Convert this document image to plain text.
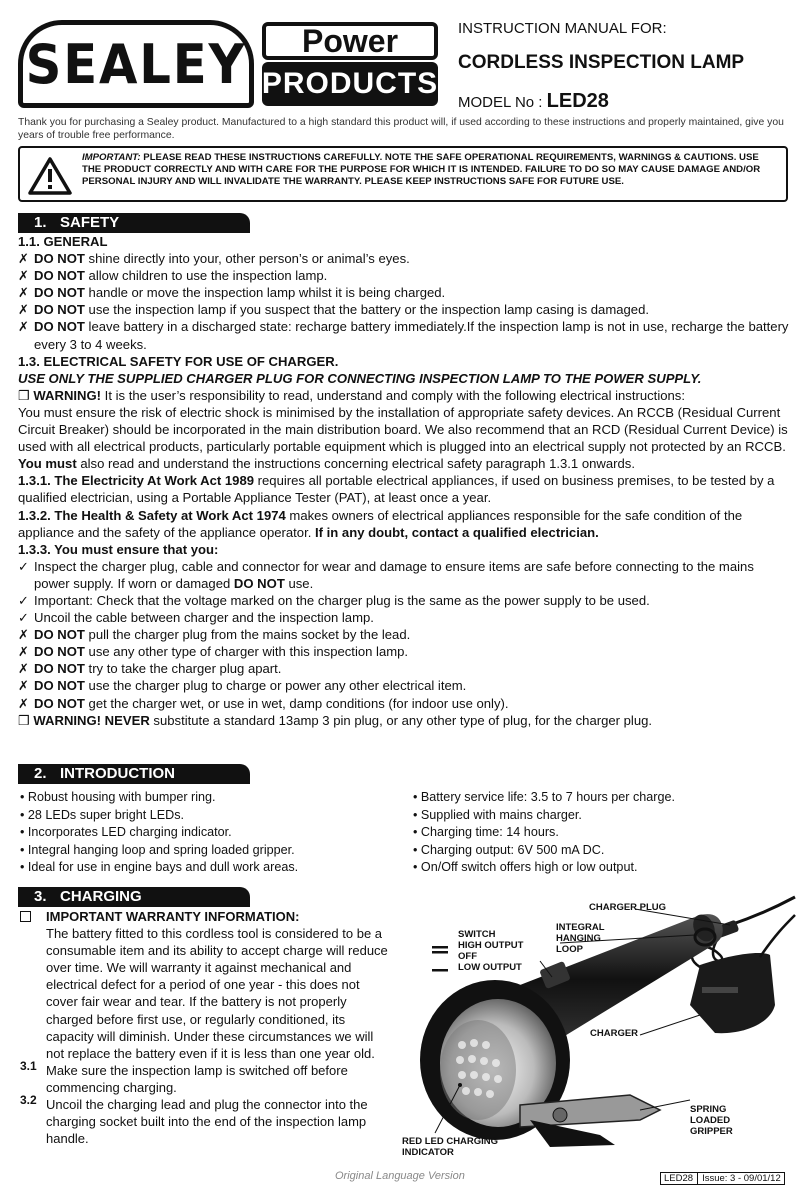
SEALEY	Power
PRODUCTS
INSTRUCTION MANUAL FOR:
CORDLESS INSPECTION LAMP
MODEL No : LED28
Thank you for purchasing a Sealey product. Manufactured to a high standard this product will, if used according to these instructions and properly maintained, give you years of trouble free performance.
IMPORTANT: PLEASE READ THESE INSTRUCTIONS CAREFULLY. NOTE THE SAFE OPERATIONAL REQUIREMENTS, WARNINGS & CAUTIONS. USE THE PRODUCT CORRECTLY AND WITH CARE FOR THE PURPOSE FOR WHICH IT IS INTENDED. FAILURE TO DO SO MAY CAUSE DAMAGE AND/OR PERSONAL INJURY AND WILL INVALIDATE THE WARRANTY. PLEASE KEEP INSTRUCTIONS SAFE FOR FUTURE USE.
1. SAFETY

1.1. GENERAL

✗ DO NOT shine directly into your, other person’s or animal’s eyes.

✗ DO NOT allow children to use the inspection lamp.

✗ DO NOT handle or move the inspection lamp whilst it is being charged.

✗ DO NOT use the inspection lamp if you suspect that the battery or the inspection lamp casing is damaged.

✗ DO NOT leave battery in a discharged state: recharge battery immediately.If the inspection lamp is not in use, recharge the battery every 3 to 4 weeks.

1.3. ELECTRICAL SAFETY FOR USE OF CHARGER.

USE ONLY THE SUPPLIED CHARGER PLUG FOR CONNECTING INSPECTION LAMP TO THE POWER SUPPLY.

❒ WARNING! It is the user’s responsibility to read, understand and comply with the following electrical instructions:

You must ensure the risk of electric shock is minimised by the installation of appropriate safety devices. An RCCB (Residual Current Circuit Breaker) should be incorporated in the main distribution board. We also recommend that an RCD (Residual Current Device) is used with all electrical products, particularly portable equipment which is plugged into an electrical supply not protected by an RCCB.

You must also read and understand the instructions concerning electrical safety paragraph 1.3.1 onwards.

1.3.1. The Electricity At Work Act 1989 requires all portable electrical appliances, if used on business premises, to be tested by a qualified electrician, using a Portable Appliance Tester (PAT), at least once a year.

1.3.2. The Health & Safety at Work Act 1974 makes owners of electrical appliances responsible for the safe condition of the appliance and the safety of the appliance operator. If in any doubt, contact a qualified electrician.

1.3.3. You must ensure that you:

✓ Inspect the charger plug, cable and connector for wear and damage to ensure items are safe before connecting to the mains power supply. If worn or damaged DO NOT use.

✓ Important: Check that the voltage marked on the charger plug is the same as the power supply to be used.

✓ Uncoil the cable between charger and the inspection lamp.

✗ DO NOT pull the charger plug from the mains socket by the lead.

✗ DO NOT use any other type of charger with this inspection lamp.

✗ DO NOT try to take the charger plug apart.

✗ DO NOT use the charger plug to charge or power any other electrical item.

✗ DO NOT get the charger wet, or use in wet, damp conditions (for indoor use only).

❒ WARNING! NEVER substitute a standard 13amp 3 pin plug, or any other type of plug, for the charger plug.

2. INTRODUCTION
• Robust housing with bumper ring.
• 28 LEDs super bright LEDs.
• Incorporates LED charging indicator.
• Integral hanging loop and spring loaded gripper.
• Ideal for use in engine bays and dull work areas.
• Battery service life: 3.5 to 7 hours per charge.
• Supplied with mains charger.
• Charging time: 14 hours.
• Charging output: 6V 500 mA DC.
• On/Off switch offers high or low output.
3. CHARGING
IMPORTANT WARRANTY INFORMATION:
The battery fitted to this cordless tool is considered to be a consumable item and its ability to accept charge will reduce over time. We will warranty it against mechanical and electrical defect for a period of one year - this does not cover fair wear and tear. If the battery is not properly charged before first use, or regularly conditioned, its capacity will diminish. Under these circumstances we will not replace the battery even if it is less than one year old.
3.1 Make sure the inspection lamp is switched off before commencing charging.
3.2 Uncoil the charging lead and plug the connector into the charging socket built into the end of the inspection lamp handle.
CHARGER PLUG
INTEGRAL
HANGING
LOOP
SWITCH
HIGH OUTPUT
OFF
LOW OUTPUT
CHARGER
SPRING
LOADED
GRIPPER
RED LED CHARGING
INDICATOR
Original Language Version	LED28 Issue: 3 - 09/01/12
